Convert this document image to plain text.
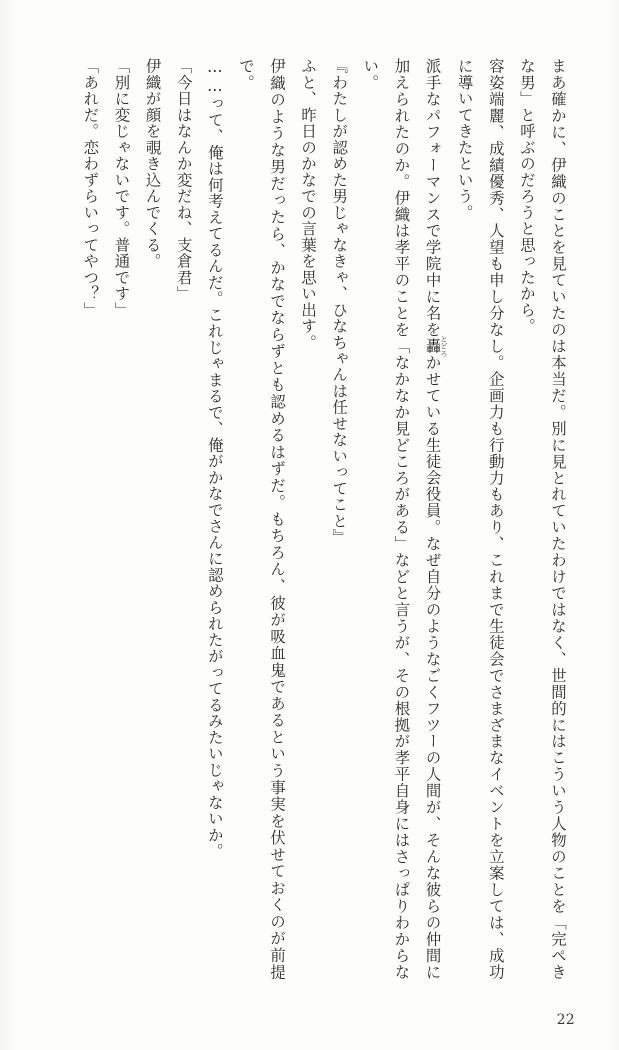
まあ確かに、伊織のことを見ていたのは本当だ。別に見とれていたわけではなく、世間的にはこういう人物のことを「完ぺきな男」と呼ぶのだろうと思ったから。

容姿端麗、成績優秀、人望も申し分なし。企画力も行動力もあり、これまで生徒会でさまざまなイベントを立案しては、成功に導いてきたという。

派手なパフォーマンスで学院中に名を轟とどろかせている生徒会役員。なぜ自分のようなごくフツーの人間が、そんな彼らの仲間に加えられたのか。伊織は孝平のことを「なかなか見どころがある」などと言うが、その根拠が孝平自身にはさっぱりわからない。

『わたしが認めた男じゃなきゃ、ひなちゃんは任せないってこと』

ふと、昨日のかなでの言葉を思い出す。

伊織のような男だったら、かなでならずとも認めるはずだ。もちろん、彼が吸血鬼であるという事実を伏せておくのが前提で。

……って、俺は何考えてるんだ。これじゃまるで、俺がかなでさんに認められたがってるみたいじゃないか。

「今日はなんか変だね、支倉君」

伊織が顔を覗き込んでくる。

「別に変じゃないです。普通です」

「あれだ。恋わずらいってやつ？」

22
